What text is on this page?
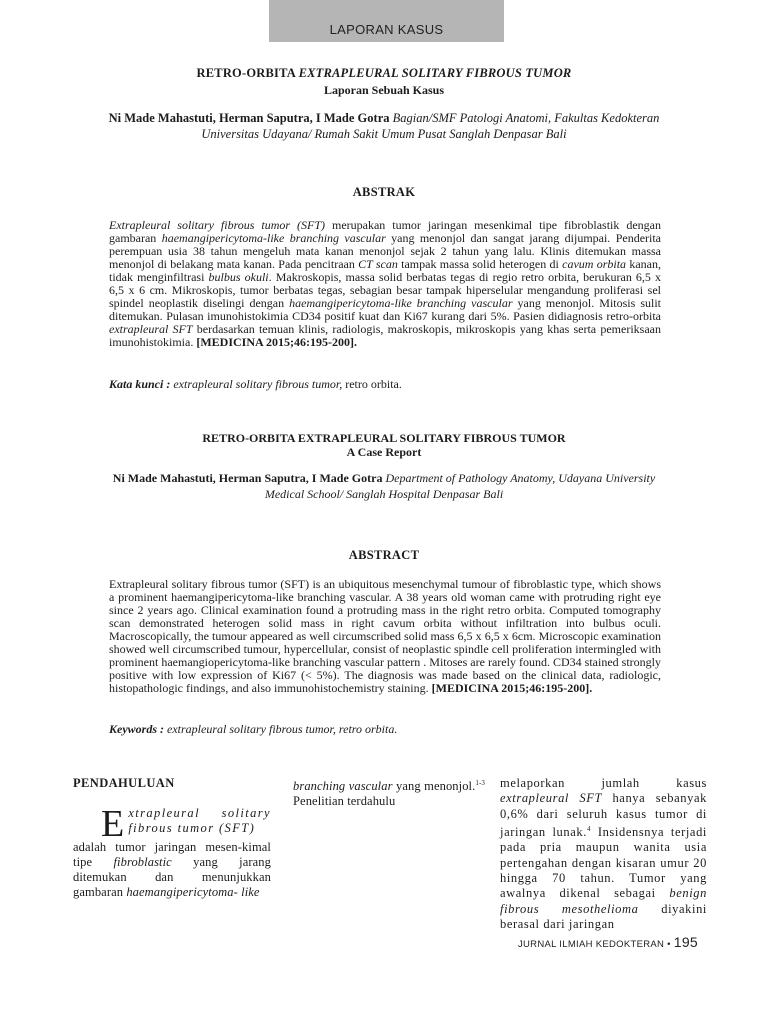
LAPORAN KASUS
RETRO-ORBITA EXTRAPLEURAL SOLITARY FIBROUS TUMOR
Laporan Sebuah Kasus
Ni Made Mahastuti, Herman Saputra, I Made Gotra Bagian/SMF Patologi Anatomi, Fakultas Kedokteran Universitas Udayana/ Rumah Sakit Umum Pusat Sanglah Denpasar Bali
ABSTRAK
Extrapleural solitary fibrous tumor (SFT) merupakan tumor jaringan mesenkimal tipe fibroblastik dengan gambaran haemangipericytoma-like branching vascular yang menonjol dan sangat jarang dijumpai. Penderita perempuan usia 38 tahun mengeluh mata kanan menonjol sejak 2 tahun yang lalu. Klinis ditemukan massa menonjol di belakang mata kanan. Pada pencitraan CT scan tampak massa solid heterogen di cavum orbita kanan, tidak menginfiltrasi bulbus okuli. Makroskopis, massa solid berbatas tegas di regio retro orbita, berukuran 6,5 x 6,5 x 6 cm. Mikroskopis, tumor berbatas tegas, sebagian besar tampak hiperselular mengandung proliferasi sel spindel neoplastik diselingi dengan haemangipericytoma-like branching vascular yang menonjol. Mitosis sulit ditemukan. Pulasan imunohistokimia CD34 positif kuat dan Ki67 kurang dari 5%. Pasien didiagnosis retro-orbita extrapleural SFT berdasarkan temuan klinis, radiologis, makroskopis, mikroskopis yang khas serta pemeriksaan imunohistokimia. [MEDICINA 2015;46:195-200].
Kata kunci : extrapleural solitary fibrous tumor, retro orbita.
RETRO-ORBITA EXTRAPLEURAL SOLITARY FIBROUS TUMOR
A Case Report
Ni Made Mahastuti, Herman Saputra, I Made Gotra Department of Pathology Anatomy, Udayana University Medical School/ Sanglah Hospital Denpasar Bali
ABSTRACT
Extrapleural solitary fibrous tumor (SFT) is an ubiquitous mesenchymal tumour of fibroblastic type, which shows a prominent haemangipericytoma-like branching vascular. A 38 years old woman came with protruding right eye since 2 years ago. Clinical examination found a protruding mass in the right retro orbita. Computed tomography scan demonstrated heterogen solid mass in right cavum orbita without infiltration into bulbus oculi. Macroscopically, the tumour appeared as well circumscribed solid mass 6,5 x 6,5 x 6cm. Microscopic examination showed well circumscribed tumour, hypercellular, consist of neoplastic spindle cell proliferation intermingled with prominent haemangiopericytoma-like branching vascular pattern . Mitoses are rarely found. CD34 stained strongly positive with low expression of Ki67 (< 5%). The diagnosis was made based on the clinical data, radiologic, histopathologic findings, and also immunohistochemistry staining. [MEDICINA 2015;46:195-200].
Keywords : extrapleural solitary fibrous tumor, retro orbita.
PENDAHULUAN
Extrapleural solitary fibrous tumor (SFT)
adalah tumor jaringan mesen-kimal tipe fibroblastic yang jarang ditemukan dan menunjukkan gambaran haemangipericytoma- like
branching vascular yang menonjol.$^{1-3}$ Penelitian terdahulu
melaporkan jumlah kasus extrapleural SFT hanya sebanyak 0,6% dari seluruh kasus tumor di jaringan lunak.$^4$ Insidensnya terjadi pada pria maupun wanita usia pertengahan dengan kisaran umur 20 hingga 70 tahun. Tumor yang awalnya dikenal sebagai benign fibrous mesothelioma diyakini berasal dari jaringan
JURNAL ILMIAH KEDOKTERAN • 195
